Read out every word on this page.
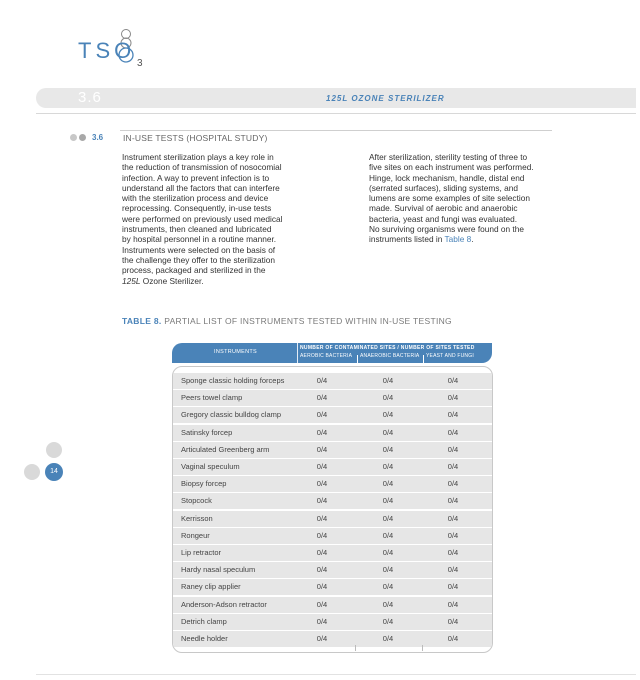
TSO
3
3.6	125L OZONE STERILIZER
3.6 IN-USE TESTS (HOSPITAL STUDY)
Instrument sterilization plays a key role in
the reduction of transmission of nosocomial
infection. A way to prevent infection is to
understand all the factors that can interfere
with the sterilization process and device
reprocessing. Consequently, in-use tests
were performed on previously used medical
instruments, then cleaned and lubricated
by hospital personnel in a routine manner.
Instruments were selected on the basis of
the challenge they offer to the sterilization
process, packaged and sterilized in the
125L Ozone Sterilizer.
After sterilization, sterility testing of three to
five sites on each instrument was performed.
Hinge, lock mechanism, handle, distal end
(serrated surfaces), sliding systems, and
lumens are some examples of site selection
made. Survival of aerobic and anaerobic
bacteria, yeast and fungi was evaluated.
No surviving organisms were found on the
instruments listed in Table 8.
TABLE 8. PARTIAL LIST OF INSTRUMENTS TESTED WITHIN IN-USE TESTING
INSTRUMENTS
NUMBER OF CONTAMINATED SITES / NUMBER OF SITES TESTED
AEROBIC BACTERIA ANAEROBIC BACTERIA YEAST AND FUNGI
Sponge classic holding forceps	0/4	0/4	0/4
Peers towel clamp	0/4	0/4	0/4
Gregory classic bulldog clamp	0/4	0/4	0/4
Satinsky forcep	0/4	0/4	0/4
Articulated Greenberg arm	0/4	0/4	0/4
Vaginal speculum	0/4	0/4	0/4
Biopsy forcep	0/4	0/4	0/4
Stopcock	0/4	0/4	0/4
Kerrisson	0/4	0/4	0/4
Rongeur	0/4	0/4	0/4
Lip retractor	0/4	0/4	0/4
Hardy nasal speculum	0/4	0/4	0/4
Raney clip applier	0/4	0/4	0/4
Anderson-Adson retractor	0/4	0/4	0/4
Detrich clamp	0/4	0/4	0/4
Needle holder	0/4	0/4	0/4
14
